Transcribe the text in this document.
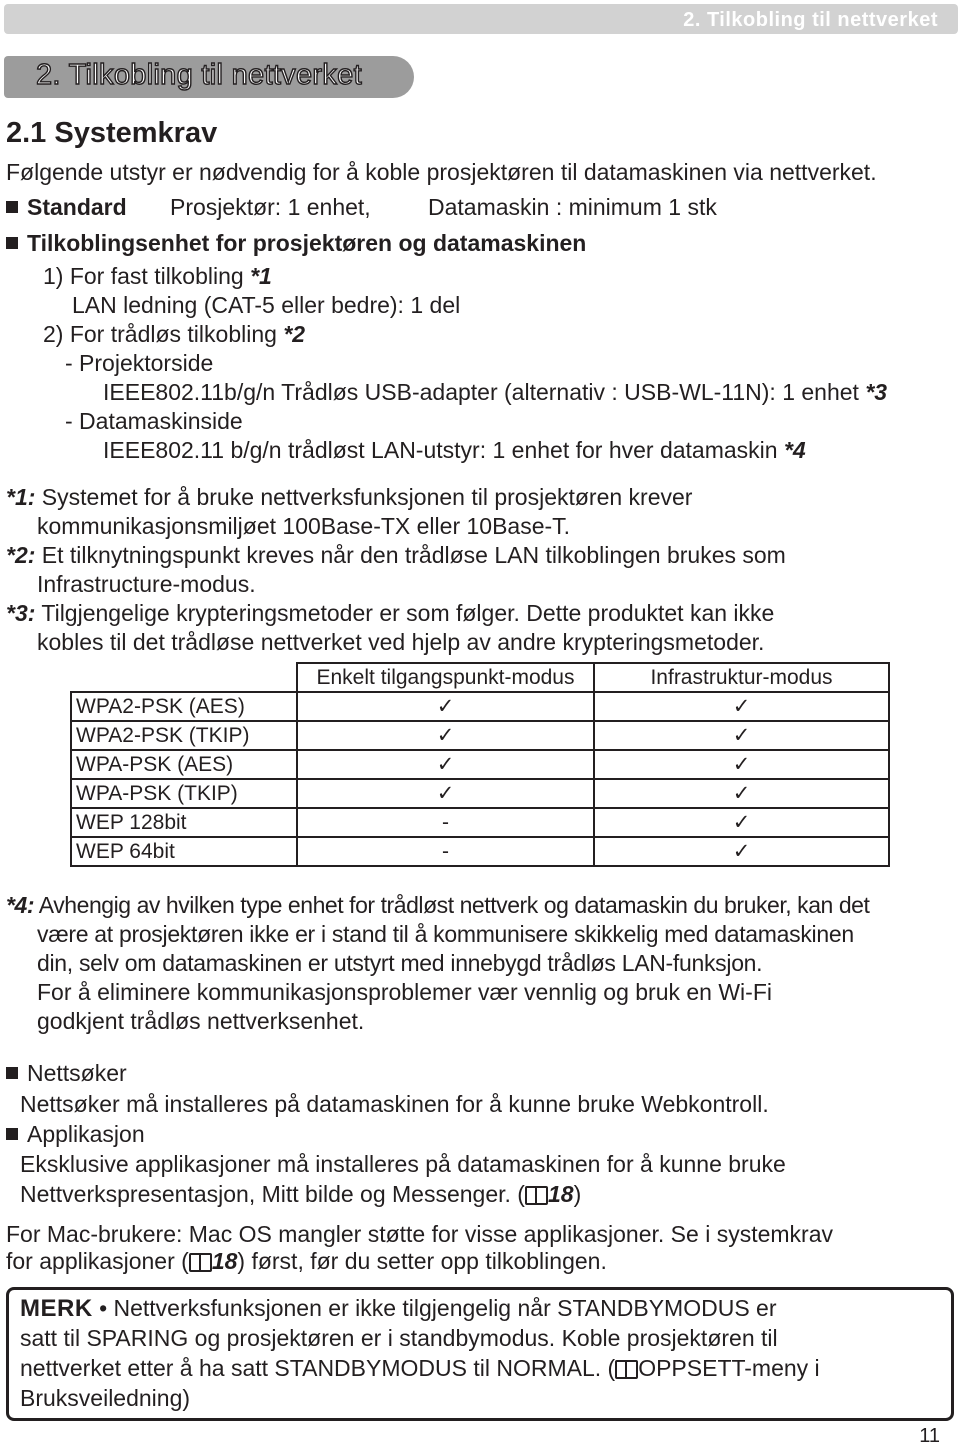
2. Tilkobling til nettverket
2. Tilkobling til nettverket
2.1 Systemkrav
Følgende utstyr er nødvendig for å koble prosjektøren til datamaskinen via nettverket.
Standard Prosjektør: 1 enhet, Datamaskin : minimum 1 stk
Tilkoblingsenhet for prosjektøren og datamaskinen
1) For fast tilkobling *1
LAN ledning (CAT-5 eller bedre): 1 del
2) For trådløs tilkobling *2
- Projektorside
IEEE802.11b/g/n Trådløs USB-adapter (alternativ : USB-WL-11N): 1 enhet *3
- Datamaskinside
IEEE802.11 b/g/n trådløst LAN-utstyr: 1 enhet for hver datamaskin *4
*1: Systemet for å bruke nettverksfunksjonen til prosjektøren krever
kommunikasjonsmiljøet 100Base-TX eller 10Base-T.
*2: Et tilknytningspunkt kreves når den trådløse LAN tilkoblingen brukes som
Infrastructure-modus.
*3: Tilgjengelige krypteringsmetoder er som følger. Dette produktet kan ikke
kobles til det trådløse nettverket ved hjelp av andre krypteringsmetoder.
	Enkelt tilgangspunkt-modus	Infrastruktur-modus
WPA2-PSK (AES)	✓	✓
WPA2-PSK (TKIP)	✓	✓
WPA-PSK (AES)	✓	✓
WPA-PSK (TKIP)	✓	✓
WEP 128bit	-	✓
WEP 64bit	-	✓
*4: Avhengig av hvilken type enhet for trådløst nettverk og datamaskin du bruker, kan det
være at prosjektøren ikke er i stand til å kommunisere skikkelig med datamaskinen
din, selv om datamaskinen er utstyrt med innebygd trådløs LAN-funksjon.
For å eliminere kommunikasjonsproblemer vær vennlig og bruk en Wi-Fi
godkjent trådløs nettverksenhet.
Nettsøker
Nettsøker må installeres på datamaskinen for å kunne bruke Webkontroll.
Applikasjon
Eksklusive applikasjoner må installeres på datamaskinen for å kunne bruke
Nettverkspresentasjon, Mitt bilde og Messenger. ( 18)
For Mac-brukere: Mac OS mangler støtte for visse applikasjoner. Se i systemkrav
for applikasjoner ( 18) først, før du setter opp tilkoblingen.
MERK • Nettverksfunksjonen er ikke tilgjengelig når STANDBYMODUS er
satt til SPARING og prosjektøren er i standbymodus. Koble prosjektøren til
nettverket etter å ha satt STANDBYMODUS til NORMAL. ( OPPSETT-meny i
Bruksveiledning)
11
